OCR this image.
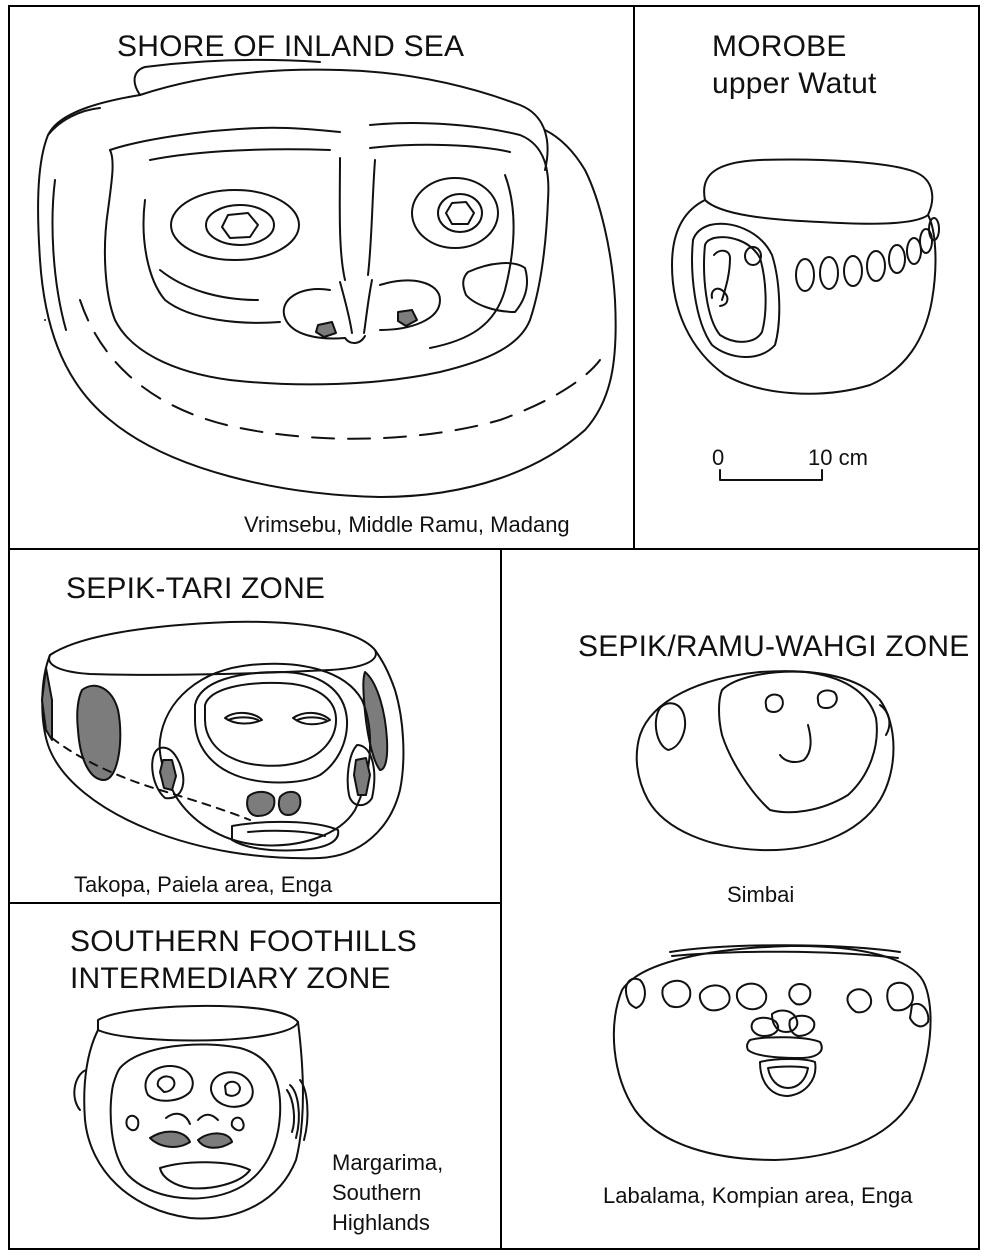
SHORE OF INLAND SEA
Vrimsebu, Middle Ramu, Madang
MOROBE
upper Watut
0	10 cm
SEPIK-TARI ZONE
Takopa, Paiela area, Enga
SOUTHERN FOOTHILLS
INTERMEDIARY ZONE
Margarima,
Southern
Highlands
SEPIK/RAMU-WAHGI ZONE
Simbai
Labalama, Kompian area, Enga
